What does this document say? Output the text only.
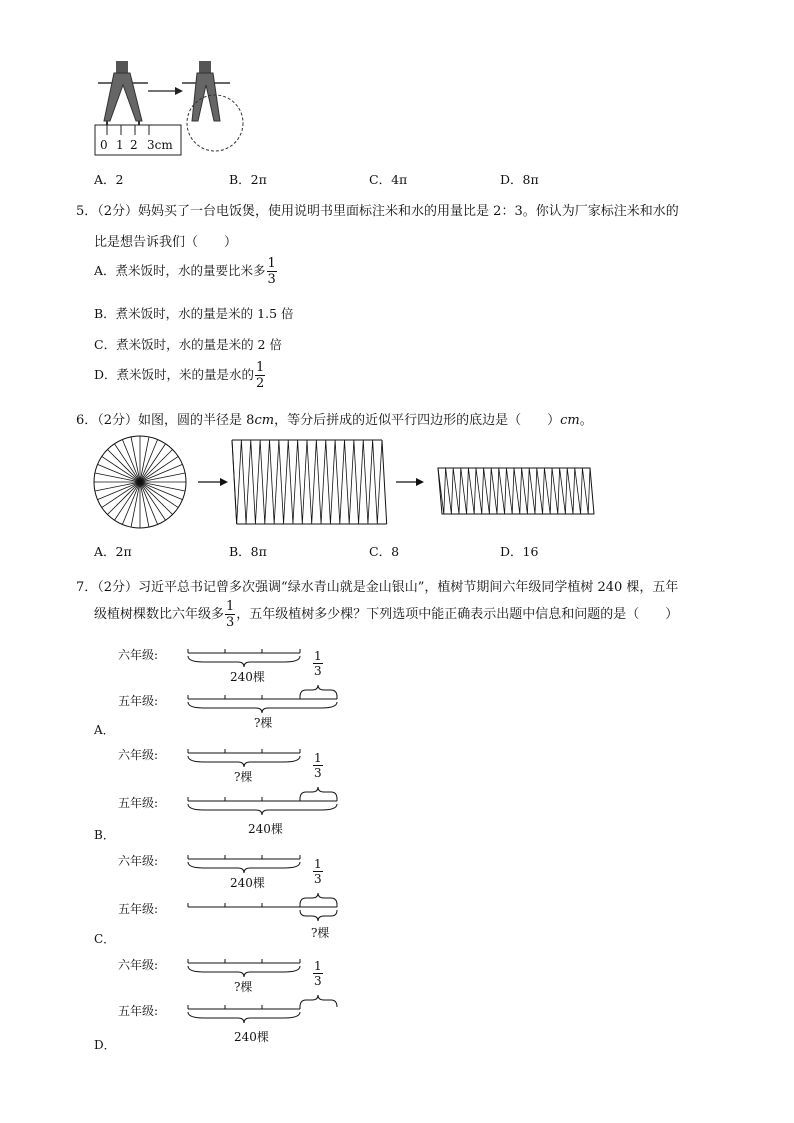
0 1 2 3cm
A．2	B．2π	C．4π	D．8π
5．（2分）妈妈买了一台电饭煲，使用说明书里面标注米和水的用量比是 2：3。你认为厂家标注米和水的
比是想告诉我们（　　）
A．煮米饭时，水的量要比米多 $\frac{1}{3}$
B．煮米饭时，水的量是米的 1.5 倍
C．煮米饭时，水的量是米的 2 倍
D．煮米饭时，米的量是水的 $\frac{1}{2}$
6．（2分）如图，圆的半径是 8cm，等分后拼成的近似平行四边形的底边是（　　）cm。
A．2π	B．8π	C．8	D．16
7．（2分）习近平总书记曾多次强调“绿水青山就是金山银山”，植树节期间六年级同学植树 240 棵，五年
级植树棵数比六年级多 $\frac{1}{3}$ ，五年级植树多少棵？下列选项中能正确表示出题中信息和问题的是（　　）
六年级:
五年级:
240棵	$\frac{1}{3}$
?棵
A．
六年级:
五年级:
?棵	$\frac{1}{3}$
240棵
B．
六年级:
五年级:
240棵	$\frac{1}{3}$
?棵
C．
六年级:
五年级:
?棵	$\frac{1}{3}$
240棵
D．
